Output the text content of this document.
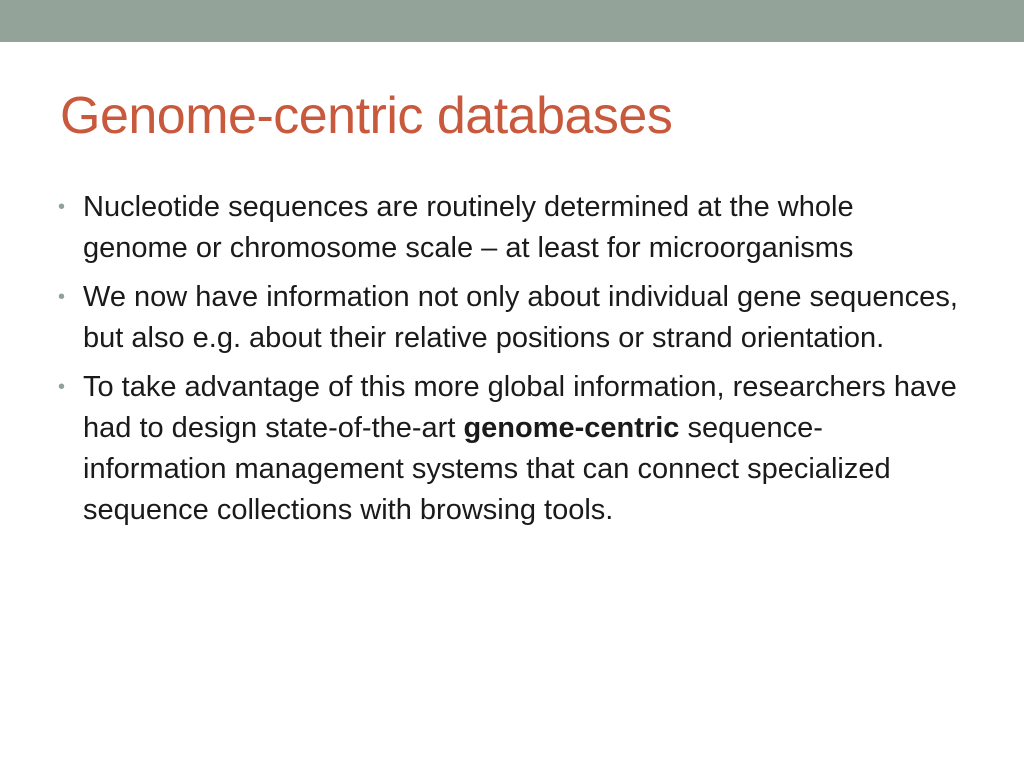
Genome-centric databases
• Nucleotide sequences are routinely determined at the whole genome or chromosome scale – at least for microorganisms
• We now have information not only about individual gene sequences, but also e.g. about their relative positions or strand orientation.
• To take advantage of this more global information, researchers have had to design state-of-the-art genome-centric sequence-information management systems that can connect specialized sequence collections with browsing tools.
